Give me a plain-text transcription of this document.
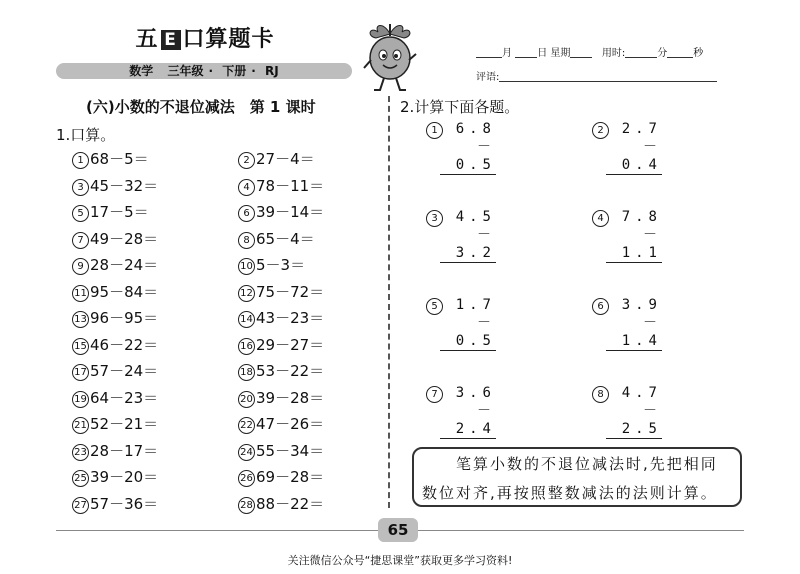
五 E 口算题卡
数学 三年级 · 下册 · RJ
月	日 星期	用时:	分	秒
评语:
(六)小数的不退位减法　第 1 课时
1.口算。
1 68－5＝	2 27－4＝
3 45－32＝	4 78－11＝
5 17－5＝	6 39－14＝
7 49－28＝	8 65－4＝
9 28－24＝	10 5－3＝
11 95－84＝	12 75－72＝
13 96－95＝	14 43－23＝
15 46－22＝	16 29－27＝
17 57－24＝	18 53－22＝
19 64－23＝	20 39－28＝
21 52－21＝	22 47－26＝
23 28－17＝	24 55－34＝
25 39－20＝	26 69－28＝
27 57－36＝	28 88－22＝
2.计算下面各题。
1	6.8
－0.5
2	2.7
－0.4
3	4.5
－3.2
4	7.8
－1.1
5	1.7
－0.5
6	3.9
－1.4
7	3.6
－2.4
8	4.7
－2.5
　　笔算小数的不退位减法时,先把相同数位对齐,再按照整数减法的法则计算。
65
关注微信公众号“捷思课堂”获取更多学习资料!
